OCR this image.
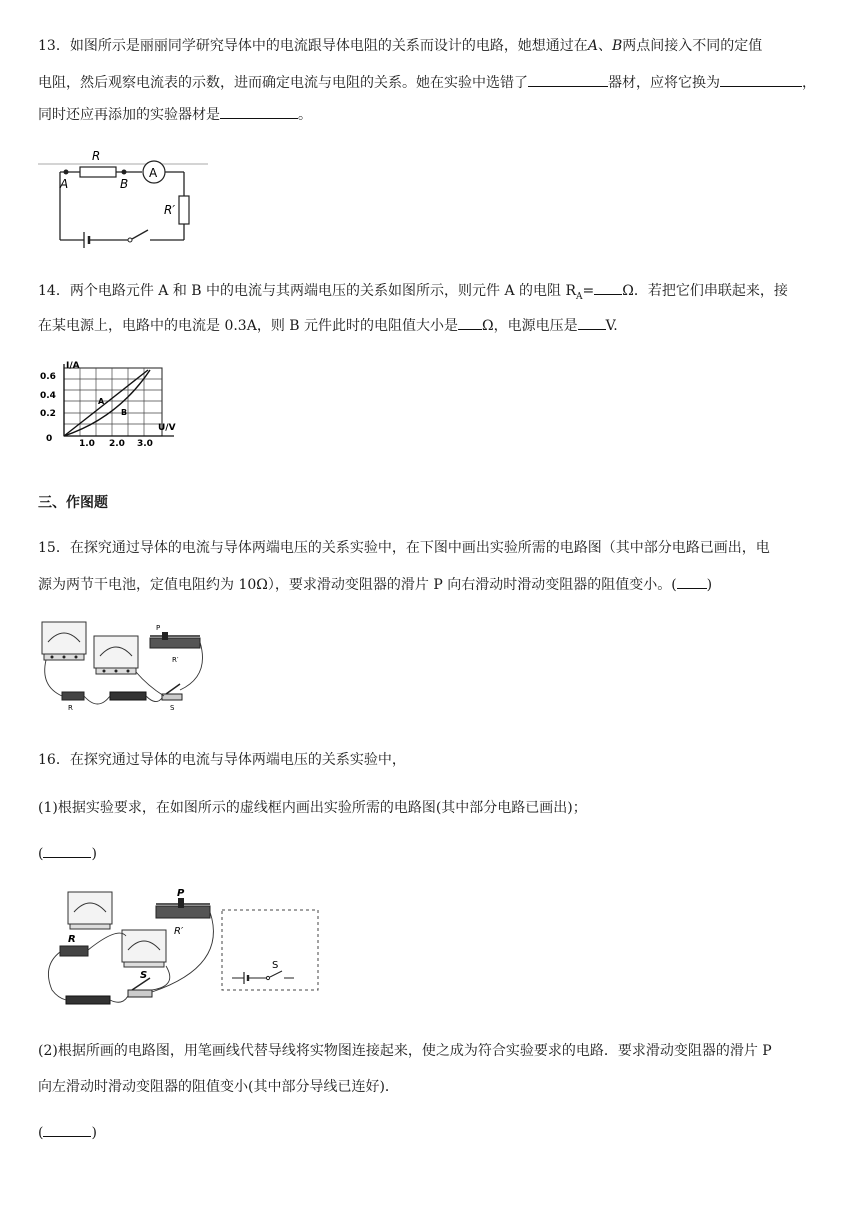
13．如图所示是丽丽同学研究导体中的电流跟导体电阻的关系而设计的电路，她想通过在A、B两点间接入不同的定值
电阻，然后观察电流表的示数，进而确定电流与电阻的关系。她在实验中选错了	器材，应将它换为	，
同时还应再添加的实验器材是	。
R
A	B
A
R′
14．两个电路元件 A 和 B 中的电流与其两端电压的关系如图所示，则元件 A 的电阻 $R_A= \Omega$．若把它们串联起来，接
在某电源上，电路中的电流是 0.3A，则 B 元件此时的电阻值大小是 Ω，电源电压是 V.
I/A
U/V
0.6
0.4
0.2
0	1.0 2.0 3.0
A
B
三、作图题
15．在探究通过导体的电流与导体两端电压的关系实验中，在下图中画出实验所需的电路图（其中部分电路已画出，电
源为两节干电池，定值电阻约为 10Ω），要求滑动变阻器的滑片 P 向右滑动时滑动变阻器的阻值变小。( )
P
R′
R	S
16．在探究通过导体的电流与导体两端电压的关系实验中，
(1)根据实验要求，在如图所示的虚线框内画出实验所需的电路图(其中部分电路已画出)；
(	)
P
R′
R
S
S
(2)根据所画的电路图，用笔画线代替导线将实物图连接起来，使之成为符合实验要求的电路．要求滑动变阻器的滑片 P
向左滑动时滑动变阻器的阻值变小(其中部分导线已连好)．
(	)
